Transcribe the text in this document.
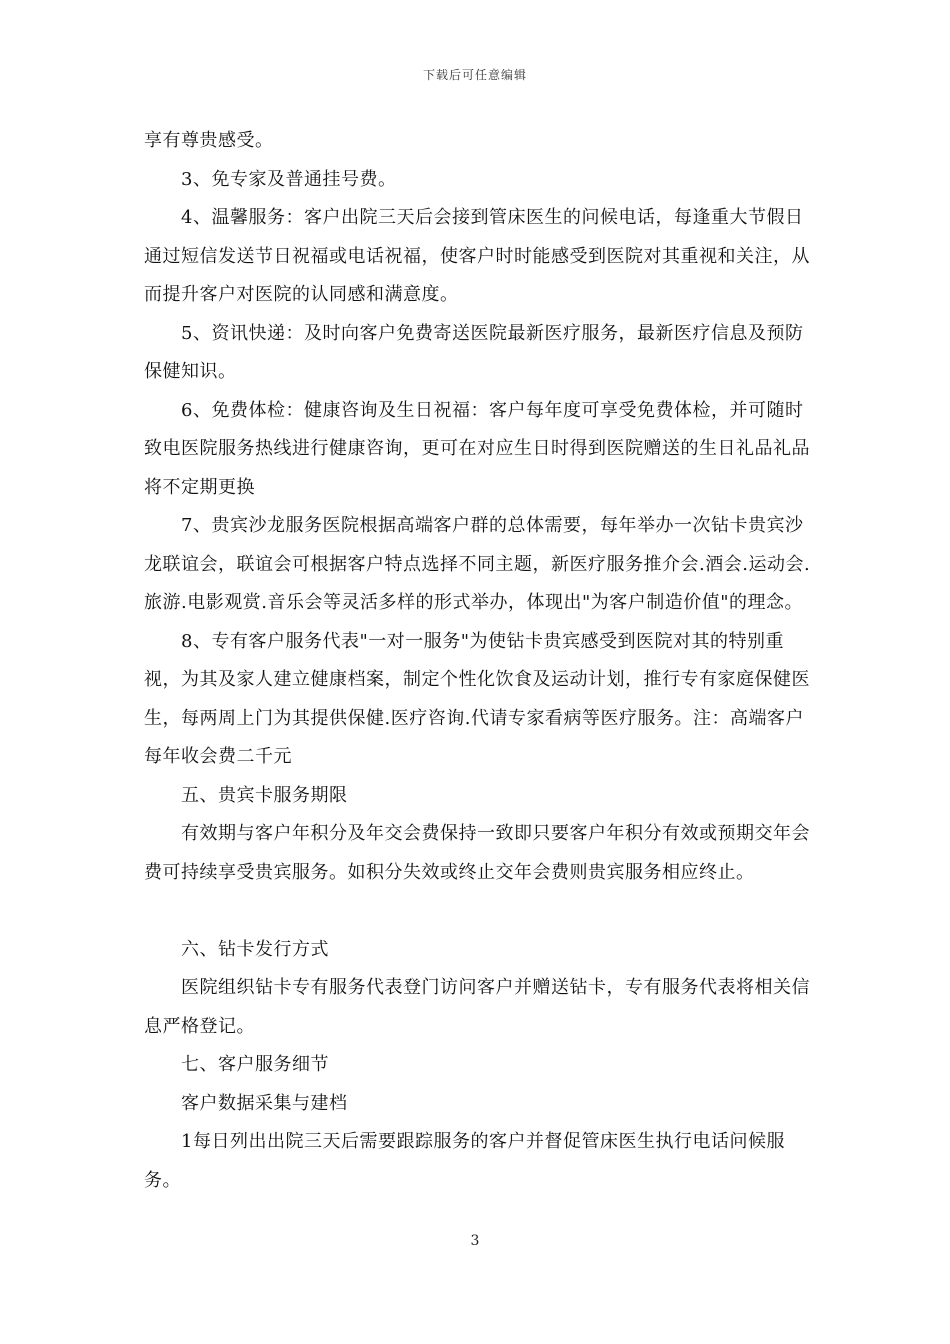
下载后可任意编辑

享有尊贵感受。

3、免专家及普通挂号费。

4、温馨服务：客户出院三天后会接到管床医生的问候电话，每逢重大节假日通过短信发送节日祝福或电话祝福，使客户时时能感受到医院对其重视和关注，从而提升客户对医院的认同感和满意度。

5、资讯快递：及时向客户免费寄送医院最新医疗服务，最新医疗信息及预防保健知识。

6、免费体检：健康咨询及生日祝福：客户每年度可享受免费体检，并可随时致电医院服务热线进行健康咨询，更可在对应生日时得到医院赠送的生日礼品礼品将不定期更换

7、贵宾沙龙服务医院根据高端客户群的总体需要，每年举办一次钻卡贵宾沙龙联谊会，联谊会可根据客户特点选择不同主题，新医疗服务推介会.酒会.运动会.旅游.电影观赏.音乐会等灵活多样的形式举办，体现出"为客户制造价值"的理念。

8、专有客户服务代表"一对一服务"为使钻卡贵宾感受到医院对其的特别重视，为其及家人建立健康档案，制定个性化饮食及运动计划，推行专有家庭保健医生，每两周上门为其提供保健.医疗咨询.代请专家看病等医疗服务。注：高端客户每年收会费二千元

五、贵宾卡服务期限

有效期与客户年积分及年交会费保持一致即只要客户年积分有效或预期交年会费可持续享受贵宾服务。如积分失效或终止交年会费则贵宾服务相应终止。

六、钻卡发行方式

医院组织钻卡专有服务代表登门访问客户并赠送钻卡，专有服务代表将相关信息严格登记。

七、客户服务细节

客户数据采集与建档

1每日列出出院三天后需要跟踪服务的客户并督促管床医生执行电话问候服务。

3
